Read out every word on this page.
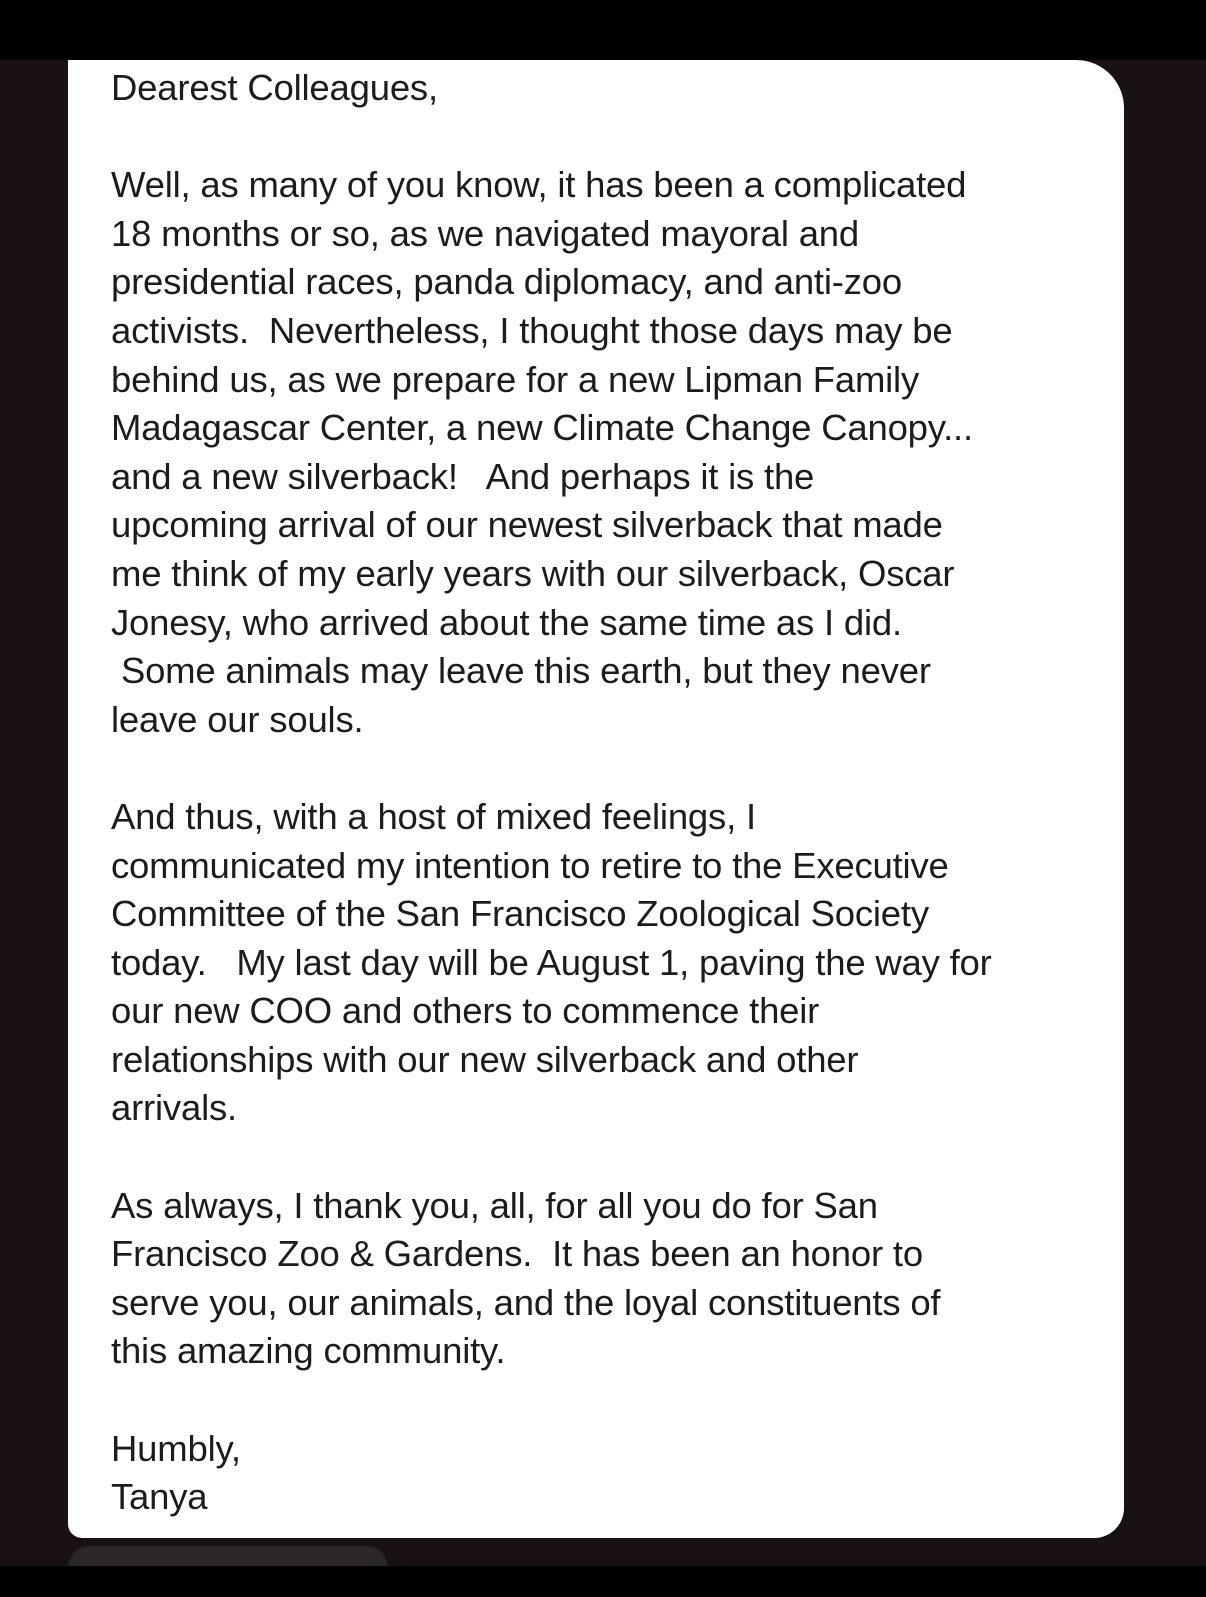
Dearest Colleagues,
Well, as many of you know, it has been a complicated
18 months or so, as we navigated mayoral and
presidential races, panda diplomacy, and anti-zoo
activists.  Nevertheless, I thought those days may be
behind us, as we prepare for a new Lipman Family
Madagascar Center, a new Climate Change Canopy...
and a new silverback!   And perhaps it is the
upcoming arrival of our newest silverback that made
me think of my early years with our silverback, Oscar
Jonesy, who arrived about the same time as I did.
Some animals may leave this earth, but they never
leave our souls.
And thus, with a host of mixed feelings, I
communicated my intention to retire to the Executive
Committee of the San Francisco Zoological Society
today.   My last day will be August 1, paving the way for
our new COO and others to commence their
relationships with our new silverback and other
arrivals.
As always, I thank you, all, for all you do for San
Francisco Zoo & Gardens.  It has been an honor to
serve you, our animals, and the loyal constituents of
this amazing community.
Humbly,
Tanya
